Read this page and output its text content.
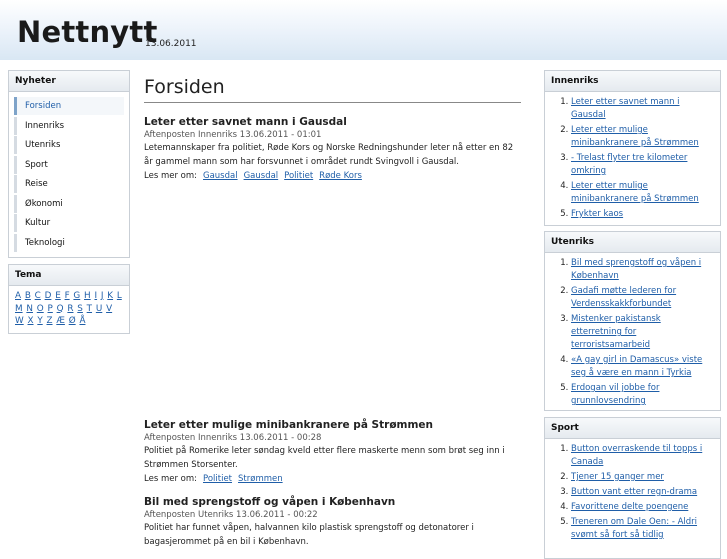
Nettnytt
13.06.2011
Nyheter
Forsiden
Innenriks
Utenriks
Sport
Reise
Økonomi
Kultur
Teknologi
Tema
A B C D E F G H I J K L M N O P Q R S T U V W X Y Z Æ Ø Å
Forsiden
Leter etter savnet mann i Gausdal
Aftenposten Innenriks 13.06.2011 - 01:01
Letemannskaper fra politiet, Røde Kors og Norske Redningshunder leter nå etter en 82 år gammel mann som har forsvunnet i området rundt Svingvoll i Gausdal.
Les mer om: Gausdal Gausdal Politiet Røde Kors
Leter etter mulige minibankranere på Strømmen
Aftenposten Innenriks 13.06.2011 - 00:28
Politiet på Romerike leter søndag kveld etter flere maskerte menn som brøt seg inn i Strømmen Storsenter.
Les mer om: Politiet Strømmen
Bil med sprengstoff og våpen i København
Aftenposten Utenriks 13.06.2011 - 00:22
Politiet har funnet våpen, halvannen kilo plastisk sprengstoff og detonatorer i bagasjerommet på en bil i København.
Innenriks
1. Leter etter savnet mann i Gausdal
2. Leter etter mulige minibankranere på Strømmen
3. - Trelast flyter tre kilometer omkring
4. Leter etter mulige minibankranere på Strømmen
5. Frykter kaos
Utenriks
1. Bil med sprengstoff og våpen i København
2. Gadafi møtte lederen for Verdensskakkforbundet
3. Mistenker pakistansk etterretning for terroristsamarbeid
4. «A gay girl in Damascus» viste seg å være en mann i Tyrkia
5. Erdogan vil jobbe for grunnlovsendring
Sport
1. Button overraskende til topps i Canada
2. Tjener 15 ganger mer
3. Button vant etter regn-drama
4. Favorittene delte poengene
5. Treneren om Dale Oen: - Aldri svømt så fort så tidlig
